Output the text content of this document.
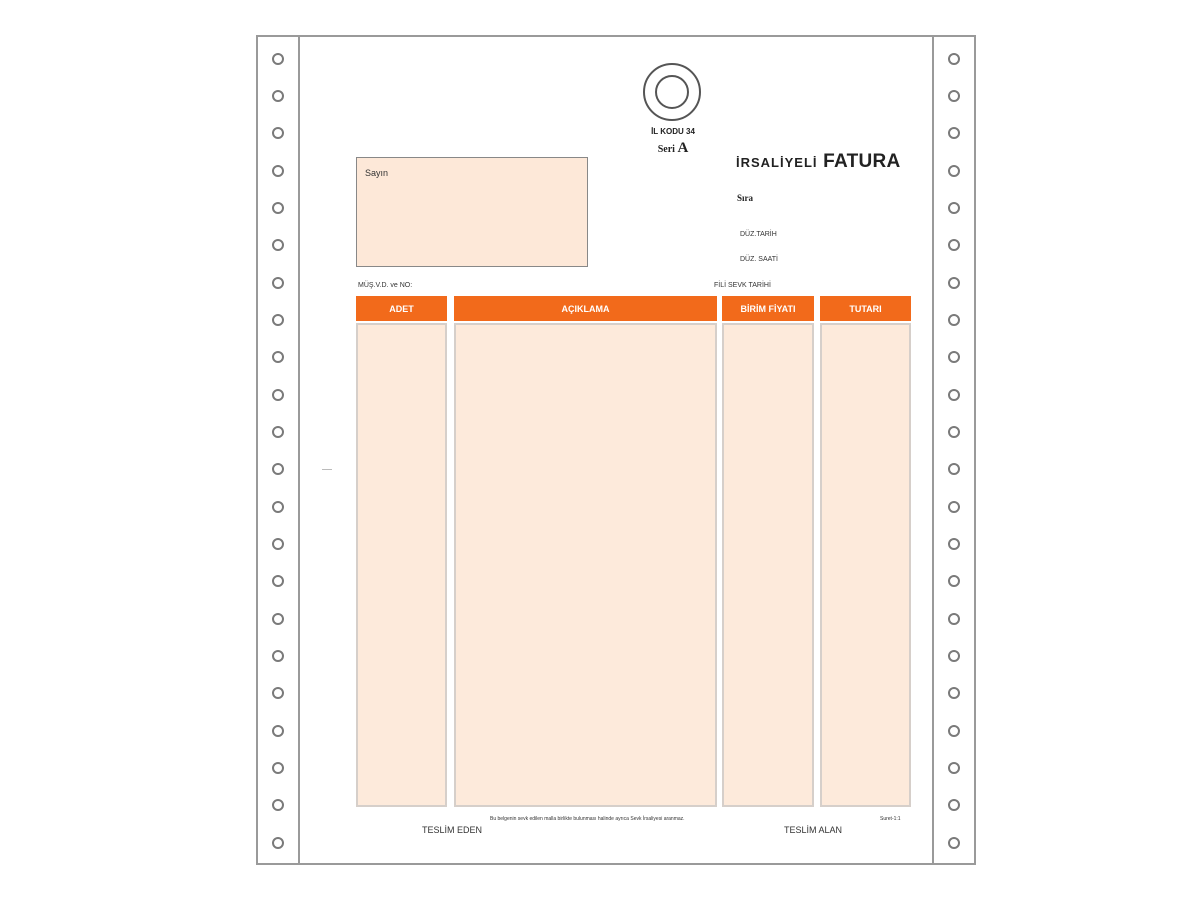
İL KODU 34
Seri A
İRSALİYELİ FATURA
Sıra
DÜZ.TARİH
DÜZ. SAATİ
FİLİ SEVK TARİHİ
Sayın
MÜŞ.V.D. ve NO:
ADET	AÇIKLAMA	BİRİM FİYATI	TUTARI
Bu belgenin sevk edilen malla birlikte bulunması halinde ayrıca Sevk İrsaliyesi aranmaz.
TESLİM EDEN	TESLİM ALAN
Suret-1:1
